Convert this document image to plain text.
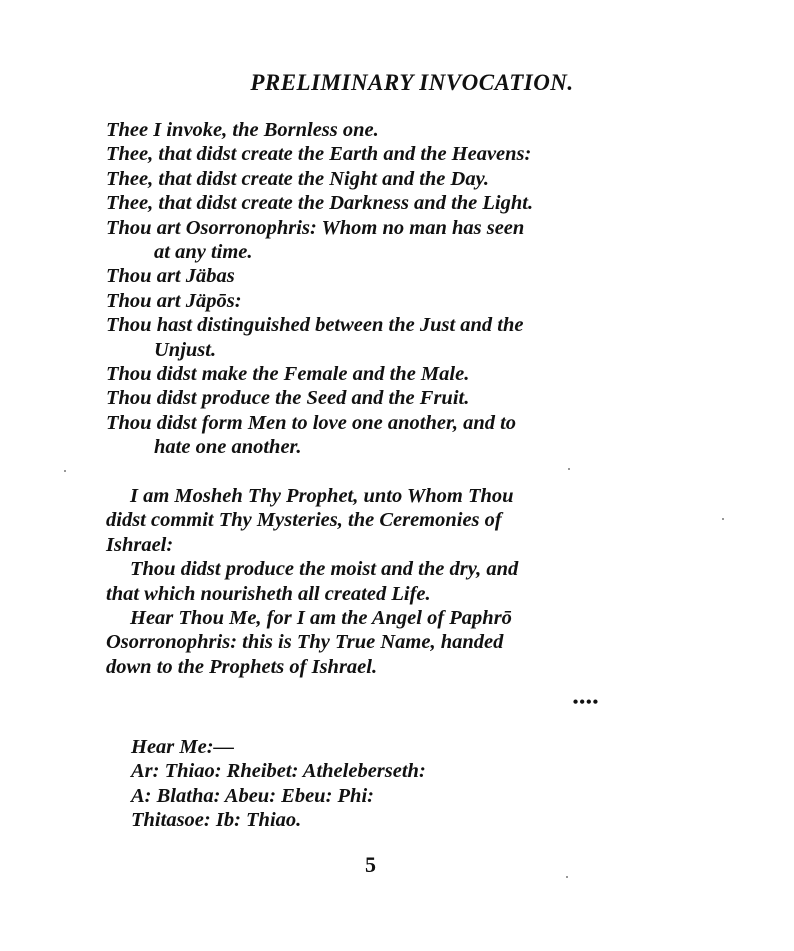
PRELIMINARY INVOCATION.
Thee I invoke, the Bornless one.
Thee, that didst create the Earth and the Heavens:
Thee, that didst create the Night and the Day.
Thee, that didst create the Darkness and the Light.
Thou art Osorronophris: Whom no man has seen
at any time.
Thou art Jäbas
Thou art Jäpōs:
Thou hast distinguished between the Just and the
Unjust.
Thou didst make the Female and the Male.
Thou didst produce the Seed and the Fruit.
Thou didst form Men to love one another, and to
hate one another.
I am Mosheh Thy Prophet, unto Whom Thou
didst commit Thy Mysteries, the Ceremonies of
Ishrael:
Thou didst produce the moist and the dry, and
that which nourisheth all created Life.
Hear Thou Me, for I am the Angel of Paphrō
Osorronophris: this is Thy True Name, handed
down to the Prophets of Ishrael.
••••
Hear Me:—
Ar: Thiao: Rheibet: Atheleberseth:
A: Blatha: Abeu: Ebeu: Phi:
Thitasoe: Ib: Thiao.
5
